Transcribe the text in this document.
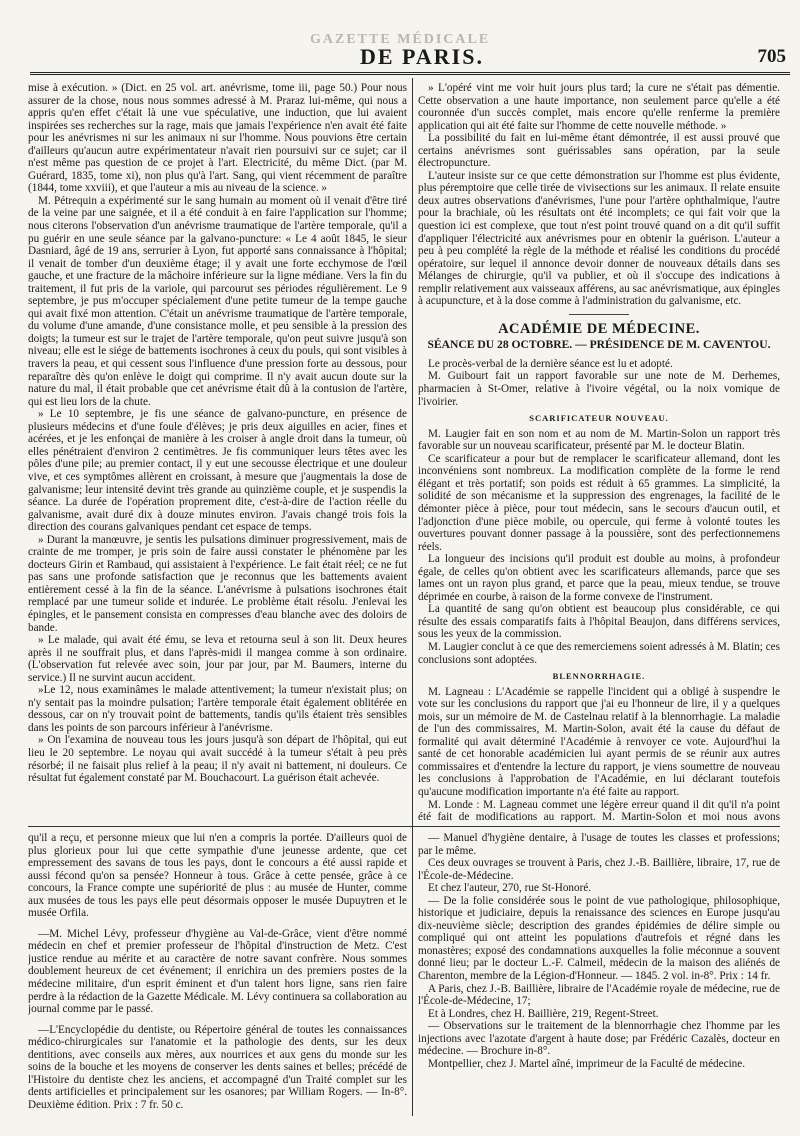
GAZETTE MÉDICALE
DE PARIS.	705

mise à exécution. » (Dict. en 25 vol. art. anévrisme, tome iii, page 50.) Pour nous assurer de la chose, nous nous sommes adressé à M. Praraz lui-même, qui nous a appris qu'en effet c'était là une vue spéculative, une induction, que lui avaient inspirées ses recherches sur la rage, mais que jamais l'expérience n'en avait été faite pour les anévrismes ni sur les animaux ni sur l'homme. Nous pouvions être certain d'ailleurs qu'aucun autre expérimentateur n'avait rien poursuivi sur ce sujet; car il n'est même pas question de ce projet à l'art. Electricité, du même Dict. (par M. Guérard, 1835, tome xi), non plus qu'à l'art. Sang, qui vient récemment de paraître (1844, tome xxviii), et que l'auteur a mis au niveau de la science. »

M. Pétrequin a expérimenté sur le sang humain au moment où il venait d'être tiré de la veine par une saignée, et il a été conduit à en faire l'application sur l'homme; nous citerons l'observation d'un anévrisme traumatique de l'artère temporale, qu'il a pu guérir en une seule séance par la galvano-puncture: « Le 4 août 1845, le sieur Dasniard, âgé de 19 ans, serrurier à Lyon, fut apporté sans connaissance à l'hôpital; il venait de tomber d'un deuxième étage; il y avait une forte ecchymose de l'œil gauche, et une fracture de la mâchoire inférieure sur la ligne médiane. Vers la fin du traitement, il fut pris de la variole, qui parcourut ses périodes régulièrement. Le 9 septembre, je pus m'occuper spécialement d'une petite tumeur de la tempe gauche qui avait fixé mon attention. C'était un anévrisme traumatique de l'artère temporale, du volume d'une amande, d'une consistance molle, et peu sensible à la pression des doigts; la tumeur est sur le trajet de l'artère temporale, qu'on peut suivre jusqu'à son niveau; elle est le siége de battements isochrones à ceux du pouls, qui sont visibles à travers la peau, et qui cessent sous l'influence d'une pression forte au dessous, pour reparaître dès qu'on enlève le doigt qui comprime. Il n'y avait aucun doute sur la nature du mal, il était probable que cet anévrisme était dû à la contusion de l'artère, qui est lieu lors de la chute.

» Le 10 septembre, je fis une séance de galvano-puncture, en présence de plusieurs médecins et d'une foule d'élèves; je pris deux aiguilles en acier, fines et acérées, et je les enfonçai de manière à les croiser à angle droit dans la tumeur, où elles pénétraient d'environ 2 centimètres. Je fis communiquer leurs têtes avec les pôles d'une pile; au premier contact, il y eut une secousse électrique et une douleur vive, et ces symptômes allèrent en croissant, à mesure que j'augmentais la dose de galvanisme; leur intensité devint très grande au quinzième couple, et je suspendis la séance. La durée de l'opération proprement dite, c'est-à-dire de l'action réelle du galvanisme, avait duré dix à douze minutes environ. J'avais changé trois fois la direction des courans galvaniques pendant cet espace de temps.

» Durant la manœuvre, je sentis les pulsations diminuer progressivement, mais de crainte de me tromper, je pris soin de faire aussi constater le phénomène par les docteurs Girin et Rambaud, qui assistaient à l'expérience. Le fait était réel; ce ne fut pas sans une profonde satisfaction que je reconnus que les battements avaient entièrement cessé à la fin de la séance. L'anévrisme à pulsations isochrones était remplacé par une tumeur solide et indurée. Le problème était résolu. J'enlevai les épingles, et le pansement consista en compresses d'eau blanche avec des doloirs de bande.

» Le malade, qui avait été ému, se leva et retourna seul à son lit. Deux heures après il ne souffrait plus, et dans l'après-midi il mangea comme à son ordinaire. (L'observation fut relevée avec soin, jour par jour, par M. Baumers, interne du service.) Il ne survint aucun accident.

»Le 12, nous examinâmes le malade attentivement; la tumeur n'existait plus; on n'y sentait pas la moindre pulsation; l'artère temporale était également oblitérée en dessous, car on n'y trouvait point de battements, tandis qu'ils étaient très sensibles dans les points de son parcours inférieur à l'anévrisme.

» On l'examina de nouveau tous les jours jusqu'à son départ de l'hôpital, qui eut lieu le 20 septembre. Le noyau qui avait succédé à la tumeur s'était à peu près résorbé; il ne faisait plus relief à la peau; il n'y avait ni battement, ni douleurs. Ce résultat fut également constaté par M. Bouchacourt. La guérison était achevée.

» L'opéré vint me voir huit jours plus tard; la cure ne s'était pas démentie. Cette observation a une haute importance, non seulement parce qu'elle a été couronnée d'un succès complet, mais encore qu'elle renferme la première application qui ait été faite sur l'homme de cette nouvelle méthode. »

La possibilité du fait en lui-même étant démontrée, il est aussi prouvé que certains anévrismes sont guérissables sans opération, par la seule électropuncture.

L'auteur insiste sur ce que cette démonstration sur l'homme est plus évidente, plus péremptoire que celle tirée de vivisections sur les animaux. Il relate ensuite deux autres observations d'anévrismes, l'une pour l'artère ophthalmique, l'autre pour la brachiale, où les résultats ont été incomplets; ce qui fait voir que la question ici est complexe, que tout n'est point trouvé quand on a dit qu'il suffit d'appliquer l'électricité aux anévrismes pour en obtenir la guérison. L'auteur a peu à peu complété la règle de la méthode et réalisé les conditions du procédé opératoire, sur lequel il annonce devoir donner de nouveaux détails dans ses Mélanges de chirurgie, qu'il va publier, et où il s'occupe des indications à remplir relativement aux vaisseaux afférens, au sac anévrismatique, aux épingles à acupuncture, et à la dose comme à l'administration du galvanisme, etc.

ACADÉMIE DE MÉDECINE.
SÉANCE DU 28 OCTOBRE. — PRÉSIDENCE DE M. CAVENTOU.

Le procès-verbal de la dernière séance est lu et adopté.

M. Guibourt fait un rapport favorable sur une note de M. Derhemes, pharmacien à St-Omer, relative à l'ivoire végétal, ou la noix vomique de l'ivoirier.

SCARIFICATEUR NOUVEAU.

M. Laugier fait en son nom et au nom de M. Martin-Solon un rapport très favorable sur un nouveau scarificateur, présenté par M. le docteur Blatin.

Ce scarificateur a pour but de remplacer le scarificateur allemand, dont les inconvéniens sont nombreux. La modification complète de la forme le rend élégant et très portatif; son poids est réduit à 65 grammes. La simplicité, la solidité de son mécanisme et la suppression des engrenages, la facilité de le démonter pièce à pièce, pour tout médecin, sans le secours d'aucun outil, et l'adjonction d'une pièce mobile, ou opercule, qui ferme à volonté toutes les ouvertures pouvant donner passage à la poussière, sont des perfectionnemens réels.

La longueur des incisions qu'il produit est double au moins, à profondeur égale, de celles qu'on obtient avec les scarificateurs allemands, parce que ses lames ont un rayon plus grand, et parce que la peau, mieux tendue, se trouve déprimée en courbe, à raison de la forme convexe de l'instrument.

La quantité de sang qu'on obtient est beaucoup plus considérable, ce qui résulte des essais comparatifs faits à l'hôpital Beaujon, dans différens services, sous les yeux de la commission.

M. Laugier conclut à ce que des remerciemens soient adressés à M. Blatin; ces conclusions sont adoptées.

BLENNORRHAGIE.

M. Lagneau : L'Académie se rappelle l'incident qui a obligé à suspendre le vote sur les conclusions du rapport que j'ai eu l'honneur de lire, il y a quelques mois, sur un mémoire de M. de Castelnau relatif à la blennorrhagie. La maladie de l'un des commissaires, M. Martin-Solon, avait été la cause du défaut de formalité qui avait déterminé l'Académie à renvoyer ce vote. Aujourd'hui la santé de cet honorable académicien lui ayant permis de se réunir aux autres commissaires et d'entendre la lecture du rapport, je viens soumettre de nouveau les conclusions à l'approbation de l'Académie, en lui déclarant toutefois qu'aucune modification importante n'a été faite au rapport.

M. Londe : M. Lagneau commet une légère erreur quand il dit qu'il n'a point été fait de modifications au rapport. M. Martin-Solon et moi nous avons

qu'il a reçu, et personne mieux que lui n'en a compris la portée. D'ailleurs quoi de plus glorieux pour lui que cette sympathie d'une jeunesse ardente, que cet empressement des savans de tous les pays, dont le concours a été aussi rapide et aussi fécond qu'on sa pensée? Honneur à tous. Grâce à cette pensée, grâce à ce concours, la France compte une supériorité de plus : au musée de Hunter, comme aux musées de tous les pays elle peut désormais opposer le musée Dupuytren et le musée Orfila.

—M. Michel Lévy, professeur d'hygiène au Val-de-Grâce, vient d'être nommé médecin en chef et premier professeur de l'hôpital d'instruction de Metz. C'est justice rendue au mérite et au caractère de notre savant confrère. Nous sommes doublement heureux de cet événement; il enrichira un des premiers postes de la médecine militaire, d'un esprit éminent et d'un talent hors ligne, sans rien faire perdre à la rédaction de la Gazette Médicale. M. Lévy continuera sa collaboration au journal comme par le passé.

—L'Encyclopédie du dentiste, ou Répertoire général de toutes les connaissances médico-chirurgicales sur l'anatomie et la pathologie des dents, sur les deux dentitions, avec conseils aux mères, aux nourrices et aux gens du monde sur les soins de la bouche et les moyens de conserver les dents saines et belles; précédé de l'Histoire du dentiste chez les anciens, et accompagné d'un Traité complet sur les dents artificielles et principalement sur les osanores; par William Rogers. — In-8°. Deuxième édition. Prix : 7 fr. 50 c.

— Manuel d'hygiène dentaire, à l'usage de toutes les classes et professions; par le même.

Ces deux ouvrages se trouvent à Paris, chez J.-B. Baillière, libraire, 17, rue de l'École-de-Médecine.

Et chez l'auteur, 270, rue St-Honoré.

— De la folie considérée sous le point de vue pathologique, philosophique, historique et judiciaire, depuis la renaissance des sciences en Europe jusqu'au dix-neuvième siècle; description des grandes épidémies de délire simple ou compliqué qui ont atteint les populations d'autrefois et régné dans les monastères; exposé des condamnations auxquelles la folie méconnue a souvent donné lieu; par le docteur L.-F. Calmeil, médecin de la maison des aliénés de Charenton, membre de la Légion-d'Honneur. — 1845. 2 vol. in-8°. Prix : 14 fr.

A Paris, chez J.-B. Baillière, libraire de l'Académie royale de médecine, rue de l'École-de-Médecine, 17;

Et à Londres, chez H. Baillière, 219, Regent-Street.

— Observations sur le traitement de la blennorrhagie chez l'homme par les injections avec l'azotate d'argent à haute dose; par Frédéric Cazalès, docteur en médecine. — Brochure in-8°.

Montpellier, chez J. Martel aîné, imprimeur de la Faculté de médecine.
